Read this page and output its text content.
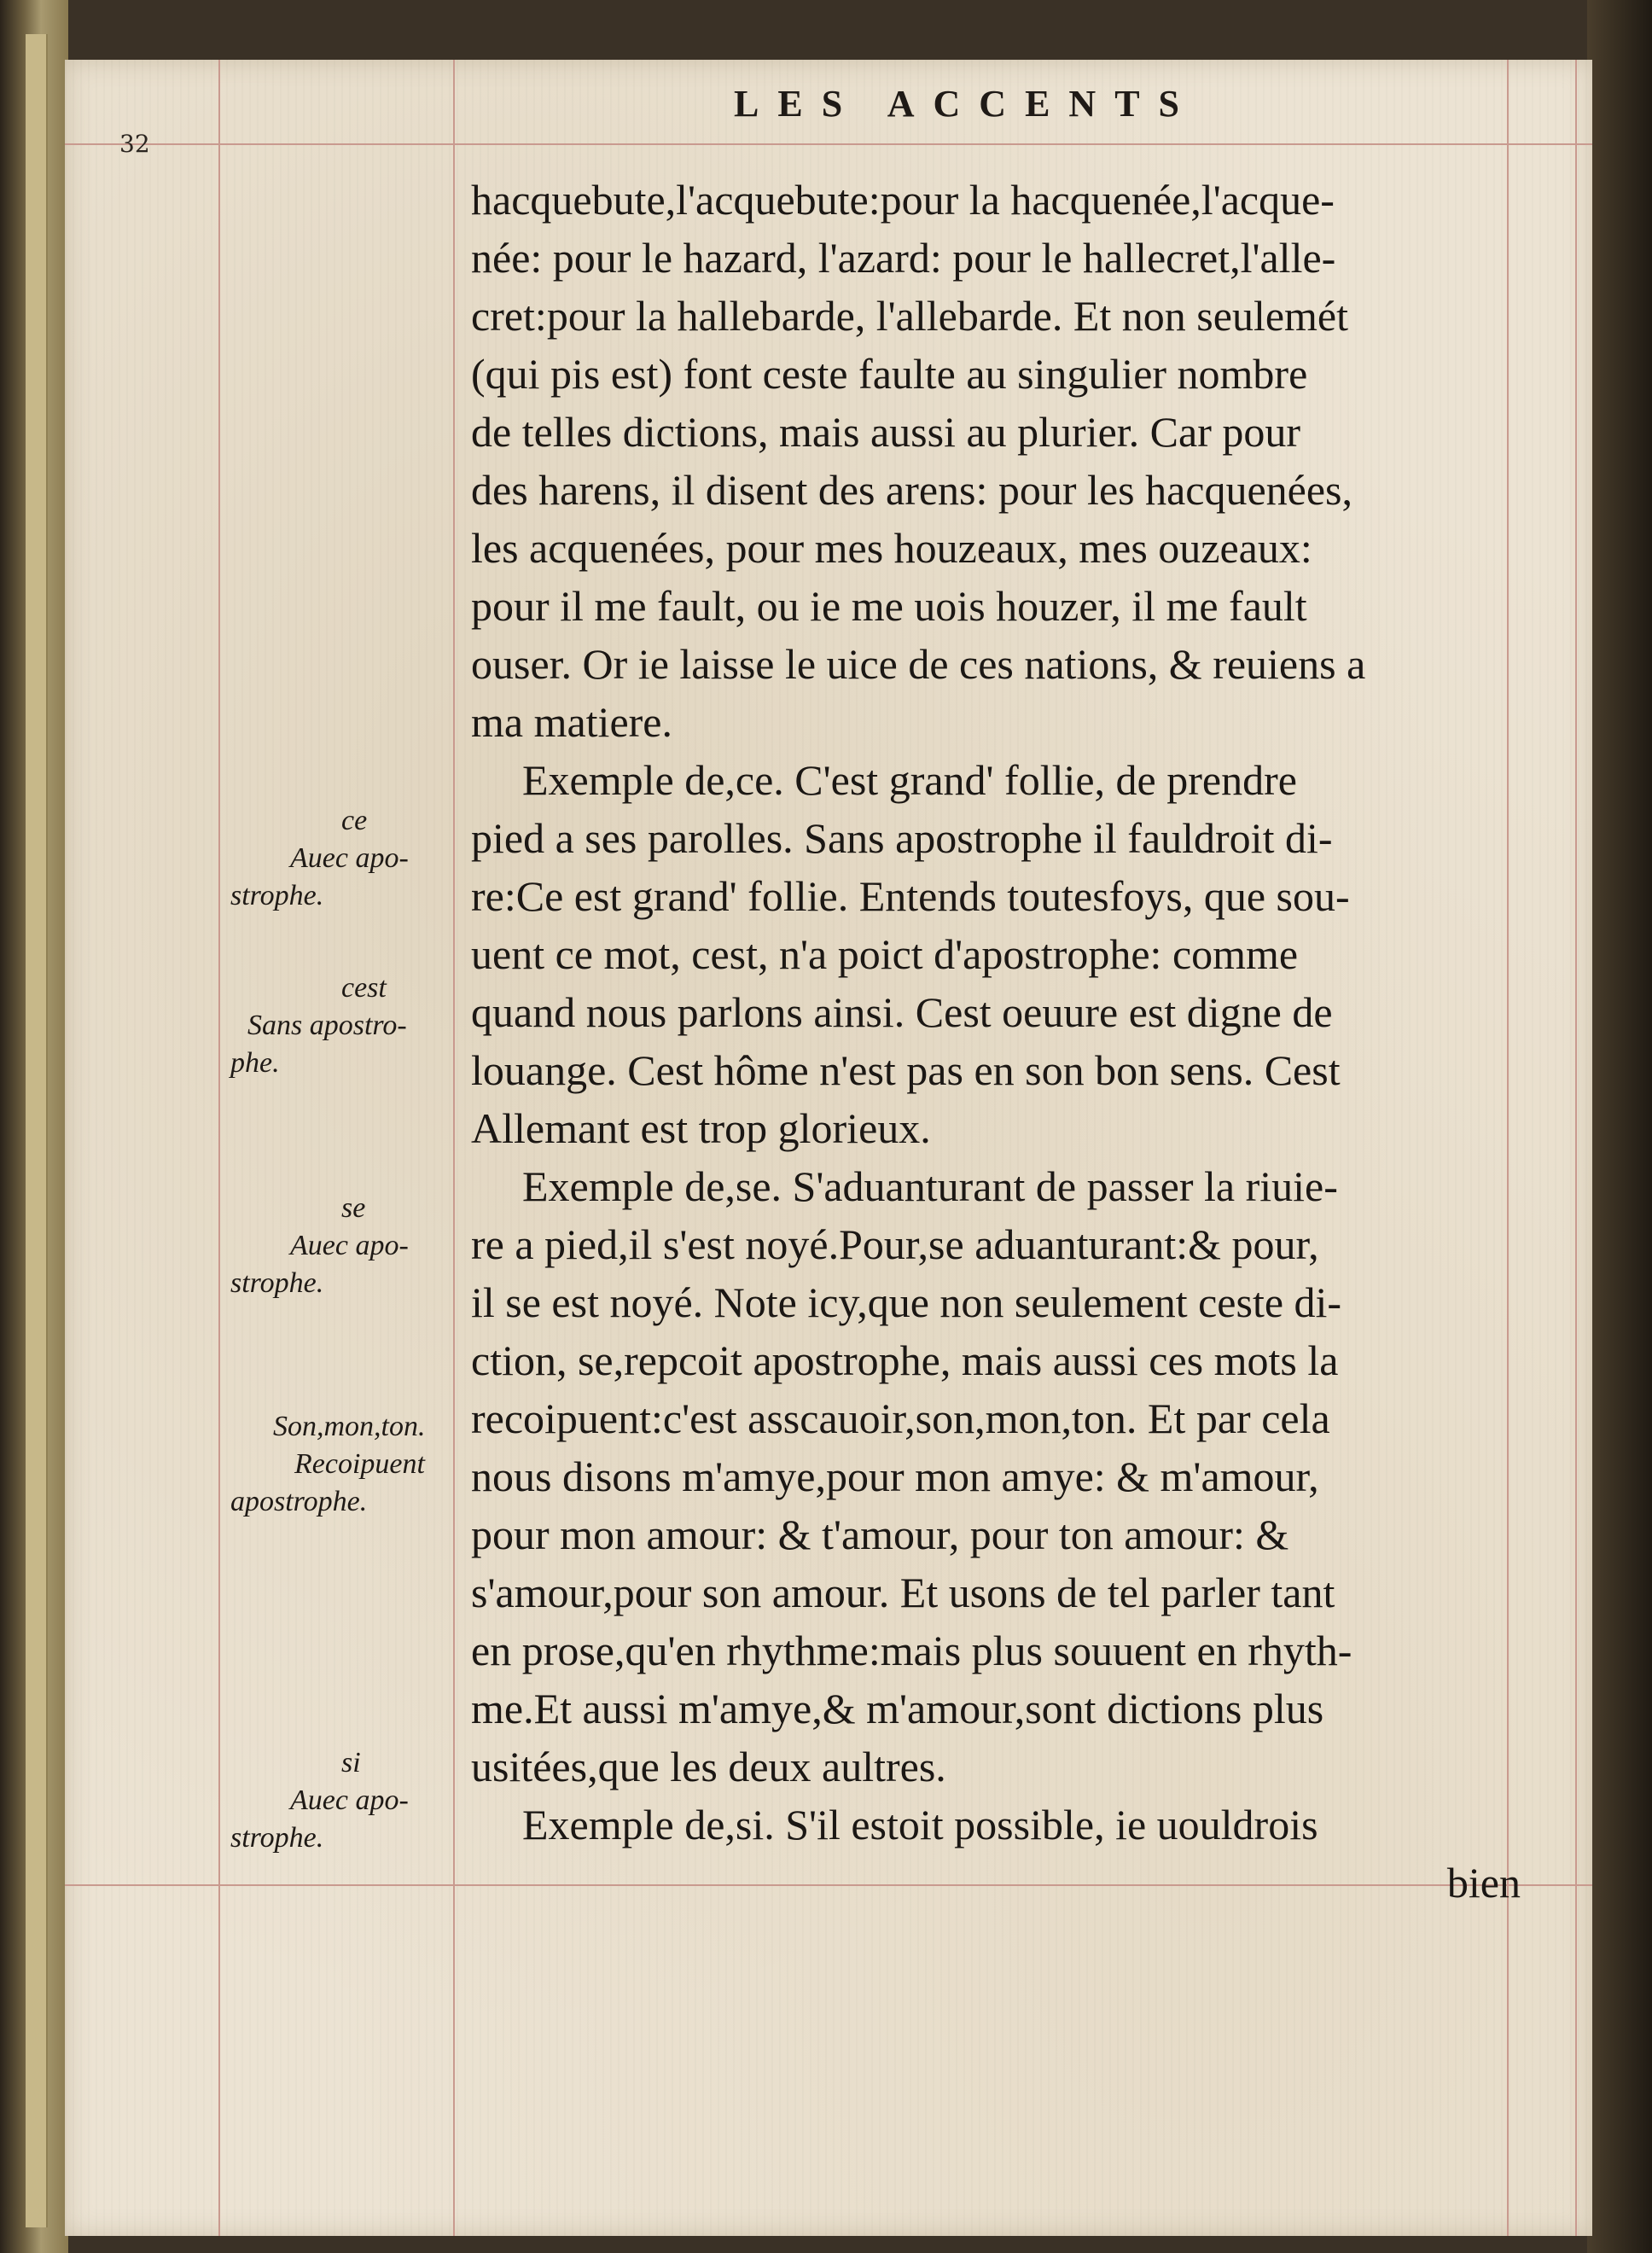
32
LES ACCENTS
ce
Auec apo-
strophe.
cest
Sans apostro-
phe.
se
Auec apo-
strophe.
Son,mon,ton.
Recoipuent
apostrophe.
si
Auec apo-
strophe.
hacquebute,l'acquebute:pour la hacquenée,l'acque-
née: pour le hazard, l'azard: pour le hallecret,l'alle-
cret:pour la hallebarde, l'allebarde. Et non seulemét
(qui pis est) font ceste faulte au singulier nombre
de telles dictions, mais aussi au plurier. Car pour
des harens, il disent des arens: pour les hacquenées,
les acquenées, pour mes houzeaux, mes ouzeaux:
pour il me fault, ou ie me uois houzer, il me fault
ouser. Or ie laisse le uice de ces nations, & reuiens a
ma matiere.
Exemple de,ce. C'est grand' follie, de prendre
pied a ses parolles. Sans apostrophe il fauldroit di-
re:Ce est grand' follie. Entends toutesfoys, que sou-
uent ce mot, cest, n'a poict d'apostrophe: comme
quand nous parlons ainsi. Cest oeuure est digne de
louange. Cest hôme n'est pas en son bon sens. Cest
Allemant est trop glorieux.
Exemple de,se. S'aduanturant de passer la riuie-
re a pied,il s'est noyé.Pour,se aduanturant:& pour,
il se est noyé. Note icy,que non seulement ceste di-
ction, se,repcoit apostrophe, mais aussi ces mots la
recoipuent:c'est asscauoir,son,mon,ton. Et par cela
nous disons m'amye,pour mon amye: & m'amour,
pour mon amour: & t'amour, pour ton amour: &
s'amour,pour son amour. Et usons de tel parler tant
en prose,qu'en rhythme:mais plus souuent en rhyth-
me.Et aussi m'amye,& m'amour,sont dictions plus
usitées,que les deux aultres.
Exemple de,si. S'il estoit possible, ie uouldrois
bien
